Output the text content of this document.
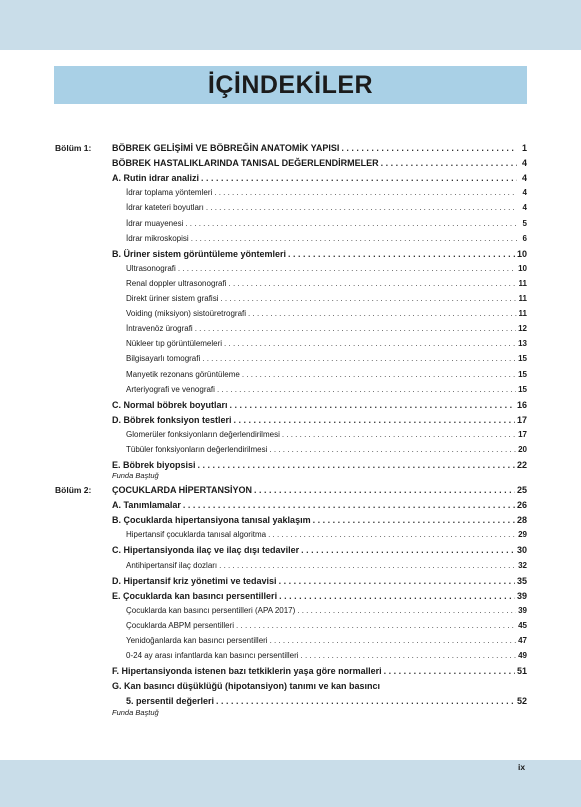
İÇİNDEKİLER
Bölüm 1: BÖBREK GELİŞİMİ VE BÖBREĞİN ANATOMİK YAPISI . . .	1
BÖBREK HASTALIKLARINDA TANISAL DEĞERLENDİRMELER . . .	4
A. Rutin idrar analizi . . .	4
İdrar toplama yöntemleri . . .	4
İdrar kateteri boyutları . . .	4
İdrar muayenesi . . .	5
İdrar mikroskopisi . . .	6
B. Üriner sistem görüntüleme yöntemleri . . .	10
Ultrasonografi . . .	10
Renal doppler ultrasonografi . . .	11
Direkt üriner sistem grafisi . . .	11
Voiding (miksiyon) sistoüretrografi . . .	11
İntravenöz ürografi . . .	12
Nükleer tıp görüntülemeleri . . .	13
Bilgisayarlı tomografi . . .	15
Manyetik rezonans görüntüleme . . .	15
Arteriyografi ve venografi . . .	15
C. Normal böbrek boyutları . . .	16
D. Böbrek fonksiyon testleri . . .	17
Glomerüler fonksiyonların değerlendirilmesi . . .	17
Tübüler fonksiyonların değerlendirilmesi . . .	20
E. Böbrek biyopsisi . . .	22
Funda Baştuğ
Bölüm 2: ÇOCUKLARDA HİPERTANSİYON . . .	25
A. Tanımlamalar . . .	26
B. Çocuklarda hipertansiyona tanısal yaklaşım . . .	28
Hipertansif çocuklarda tanısal algoritma . . .	29
C. Hipertansiyonda ilaç ve ilaç dışı tedaviler . . .	30
Antihipertansif ilaç dozları . . .	32
D. Hipertansif kriz yönetimi ve tedavisi . . .	35
E. Çocuklarda kan basıncı persentilleri . . .	39
Çocuklarda kan basıncı persentilleri (APA 2017) . . .	39
Çocuklarda ABPM persentilleri . . .	45
Yenidoğanlarda kan basıncı persentilleri . . .	47
0-24 ay arası infantlarda kan basıncı persentilleri . . .	49
F. Hipertansiyonda istenen bazı tetkiklerin yaşa göre normalleri . . .	51
G. Kan basıncı düşüklüğü (hipotansiyon) tanımı ve kan basıncı
5. persentil değerleri . . .	52
Funda Baştuğ
ix
